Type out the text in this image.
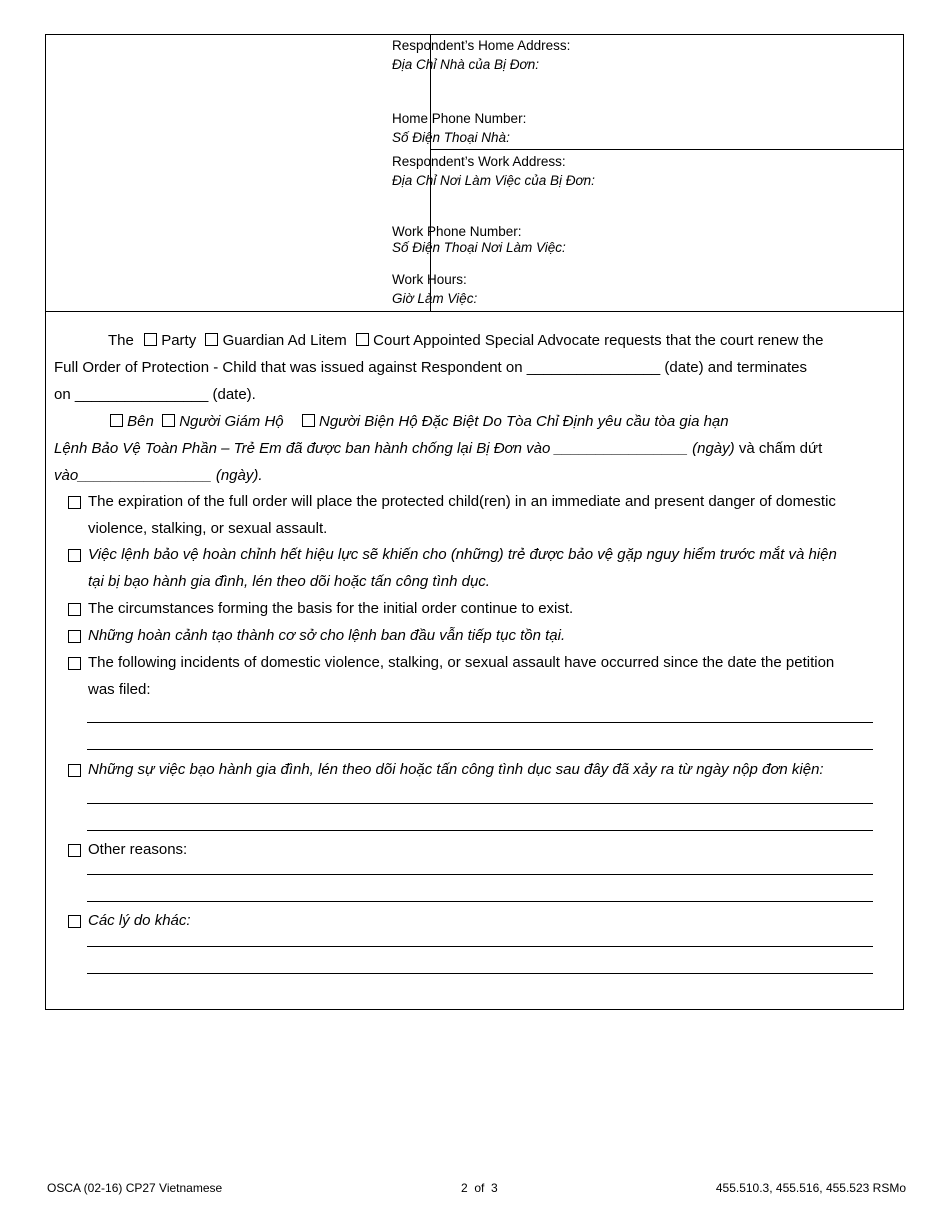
Respondent’s Home Address:
Địa Chỉ Nhà của Bị Đơn:
Home Phone Number:
Số Điện Thoại Nhà:
Respondent’s Work Address:
Địa Chỉ Nơi Làm Việc của Bị Đơn:
Work Phone Number:
Số Điện Thoại Nơi Làm Việc:
Work Hours:
Giờ Làm Việc:
The Party Guardian Ad Litem Court Appointed Special Advocate requests that the court renew the
Full Order of Protection - Child that was issued against Respondent on ________________ (date) and terminates
on ________________ (date).
Bên Người Giám Hộ Người Biện Hộ Đặc Biệt Do Tòa Chỉ Định yêu cầu tòa gia hạn
Lệnh Bảo Vệ Toàn Phần – Trẻ Em đã được ban hành chống lại Bị Đơn vào ________________ (ngày) và chấm dứt
vào________________ (ngày).
The expiration of the full order will place the protected child(ren) in an immediate and present danger of domestic
violence, stalking, or sexual assault.
Việc lệnh bảo vệ hoàn chỉnh hết hiệu lực sẽ khiến cho (những) trẻ được bảo vệ gặp nguy hiểm trước mắt và hiện
tại bị bạo hành gia đình, lén theo dõi hoặc tấn công tình dục.
The circumstances forming the basis for the initial order continue to exist.
Những hoàn cảnh tạo thành cơ sở cho lệnh ban đầu vẫn tiếp tục tồn tại.
The following incidents of domestic violence, stalking, or sexual assault have occurred since the date the petition
was filed:
Những sự việc bạo hành gia đình, lén theo dõi hoặc tấn công tình dục sau đây đã xảy ra từ ngày nộp đơn kiện:
Other reasons:
Các lý do khác:
OSCA (02-16) CP27 Vietnamese	2  of  3	455.510.3, 455.516, 455.523 RSMo
